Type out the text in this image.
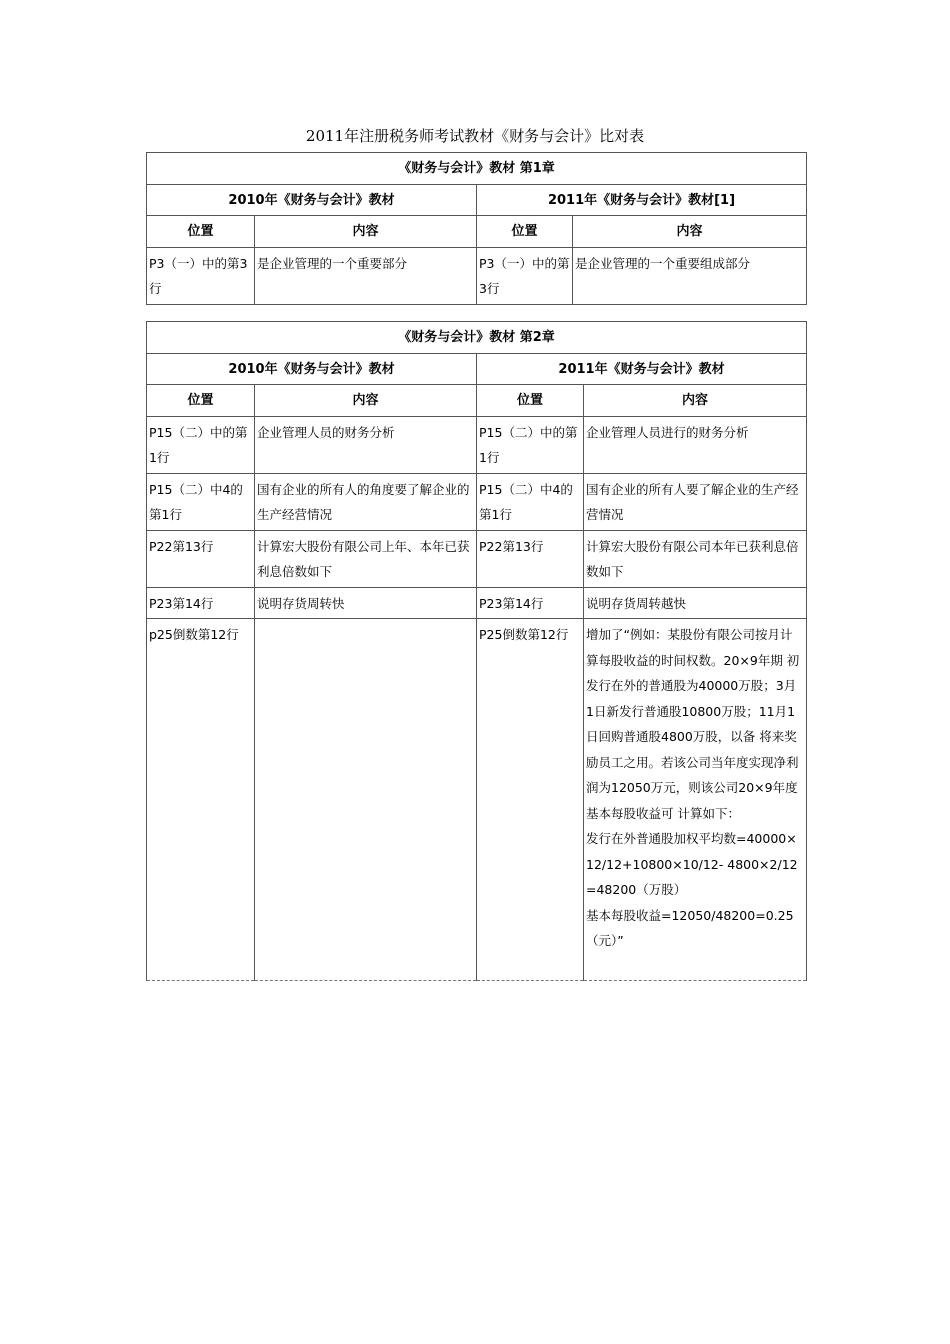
2011年注册税务师考试教材《财务与会计》比对表
《财务与会计》教材 第1章			
2010年《财务与会计》教材		2011年《财务与会计》教材[1]	
位置	内容	位置	内容
P3（一）中的第3行	是企业管理的一个重要部分	P3（一）中的第3行	是企业管理的一个重要组成部分
《财务与会计》教材 第2章			
2010年《财务与会计》教材		2011年《财务与会计》教材	
位置	内容	位置	内容
P15（二）中的第1行	企业管理人员的财务分析	P15（二）中的第1行	企业管理人员进行的财务分析
P15（二）中4的第1行	国有企业的所有人的角度要了解企业的生产经营情况	P15（二）中4的第1行	国有企业的所有人要了解企业的生产经营情况
P22第13行	计算宏大股份有限公司上年、本年已获利息倍数如下	P22第13行	计算宏大股份有限公司本年已获利息倍数如下
P23第14行	说明存货周转快	P23第14行	说明存货周转越快
p25倒数第12行		P25倒数第12行	增加了“例如：某股份有限公司按月计算每股收益的时间权数。20×9年期 初发行在外的普通股为40000万股；3月1日新发行普通股10800万股；11月1日回购普通股4800万股，以备 将来奖励员工之用。若该公司当年度实现净利润为12050万元，则该公司20×9年度基本每股收益可 计算如下：
发行在外普通股加权平均数=40000×12/12+10800×10/12- 4800×2/12=48200（万股）
基本每股收益=12050/48200=0.25（元）”
